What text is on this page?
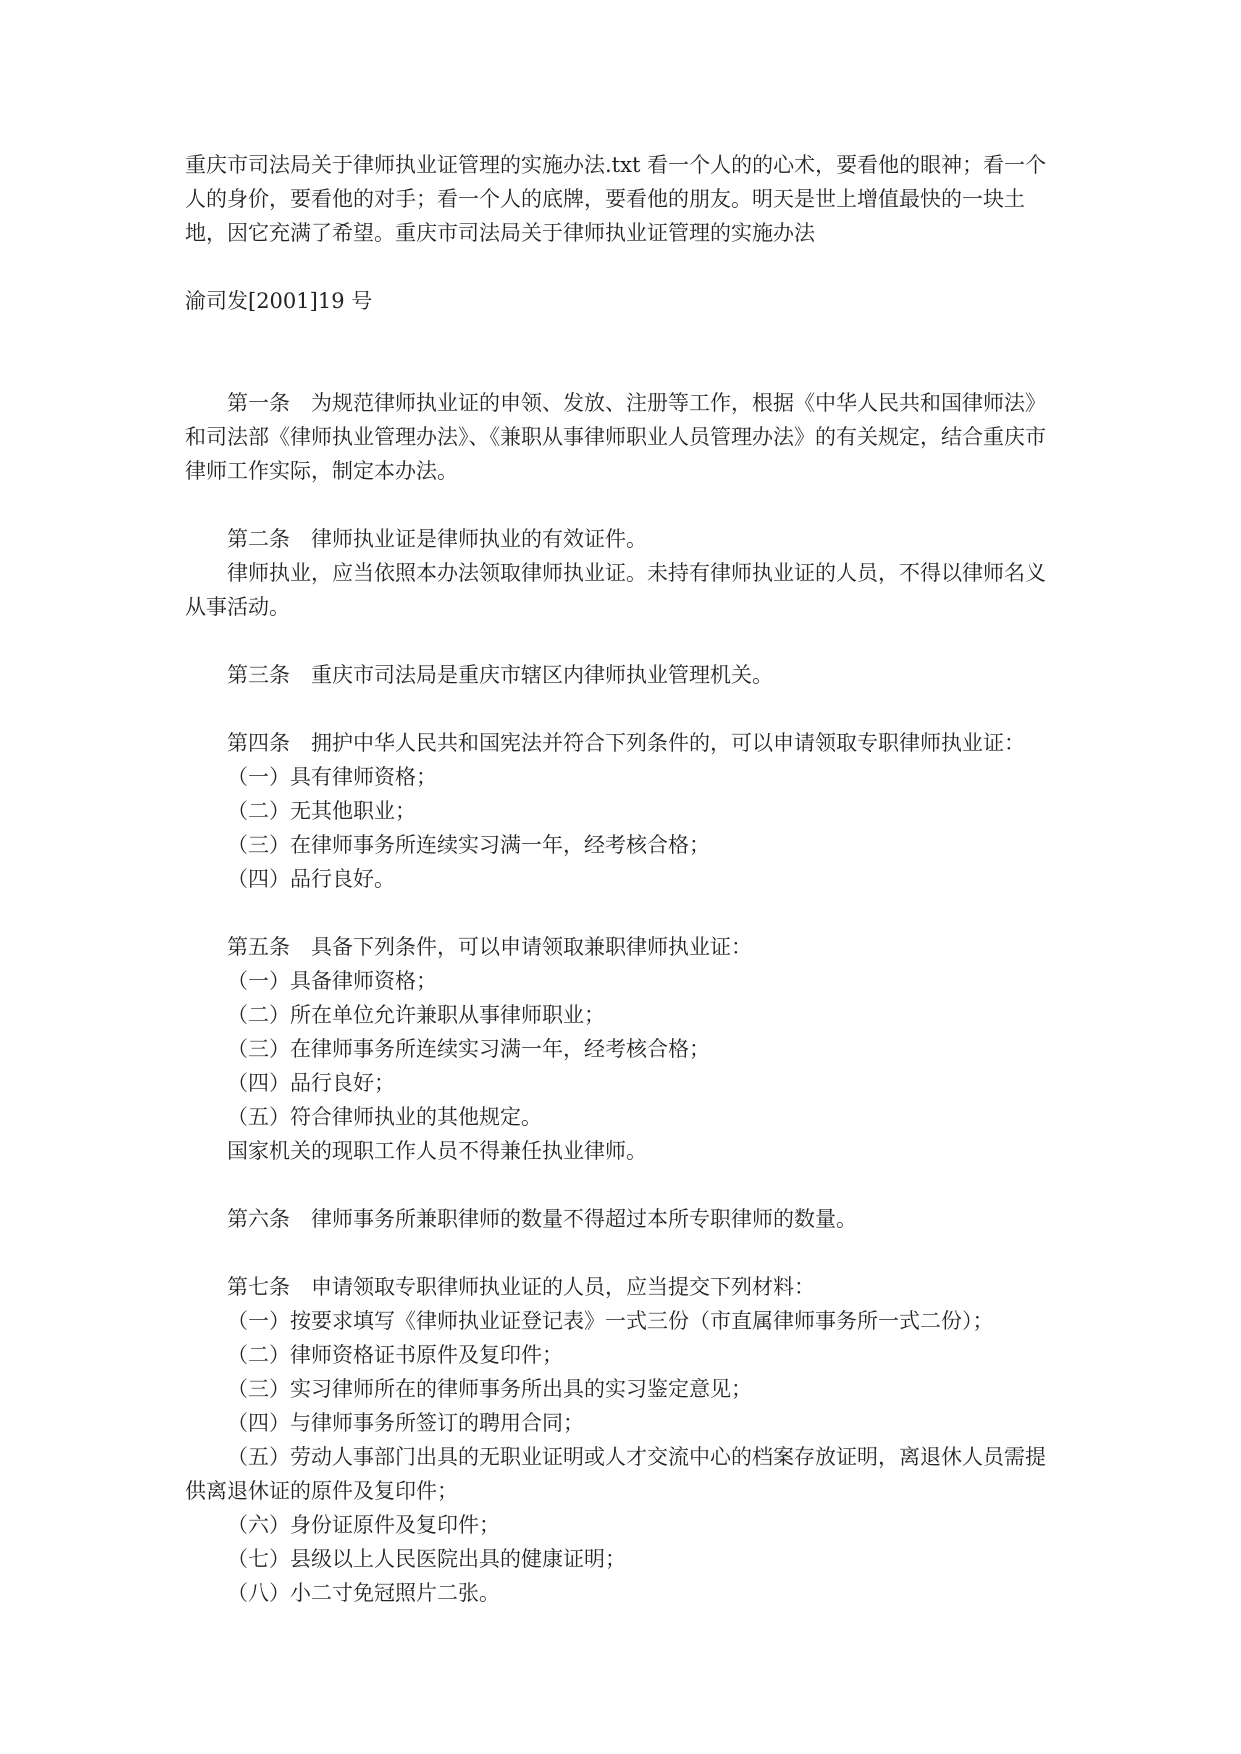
重庆市司法局关于律师执业证管理的实施办法.txt 看一个人的的心术，要看他的眼神；看一个人的身价，要看他的对手；看一个人的底牌，要看他的朋友。明天是世上增值最快的一块土地，因它充满了希望。重庆市司法局关于律师执业证管理的实施办法

渝司发[2001]19 号

第一条　为规范律师执业证的申领、发放、注册等工作，根据《中华人民共和国律师法》和司法部《律师执业管理办法》、《兼职从事律师职业人员管理办法》的有关规定，结合重庆市律师工作实际，制定本办法。

第二条　律师执业证是律师执业的有效证件。

律师执业，应当依照本办法领取律师执业证。未持有律师执业证的人员，不得以律师名义从事活动。

第三条　重庆市司法局是重庆市辖区内律师执业管理机关。

第四条　拥护中华人民共和国宪法并符合下列条件的，可以申请领取专职律师执业证：

（一）具有律师资格；

（二）无其他职业；

（三）在律师事务所连续实习满一年，经考核合格；

（四）品行良好。

第五条　具备下列条件，可以申请领取兼职律师执业证：

（一）具备律师资格；

（二）所在单位允许兼职从事律师职业；

（三）在律师事务所连续实习满一年，经考核合格；

（四）品行良好；

（五）符合律师执业的其他规定。

国家机关的现职工作人员不得兼任执业律师。

第六条　律师事务所兼职律师的数量不得超过本所专职律师的数量。

第七条　申请领取专职律师执业证的人员，应当提交下列材料：

（一）按要求填写《律师执业证登记表》一式三份（市直属律师事务所一式二份）；

（二）律师资格证书原件及复印件；

（三）实习律师所在的律师事务所出具的实习鉴定意见；

（四）与律师事务所签订的聘用合同；

（五）劳动人事部门出具的无职业证明或人才交流中心的档案存放证明，离退休人员需提供离退休证的原件及复印件；

（六）身份证原件及复印件；

（七）县级以上人民医院出具的健康证明；

（八）小二寸免冠照片二张。
